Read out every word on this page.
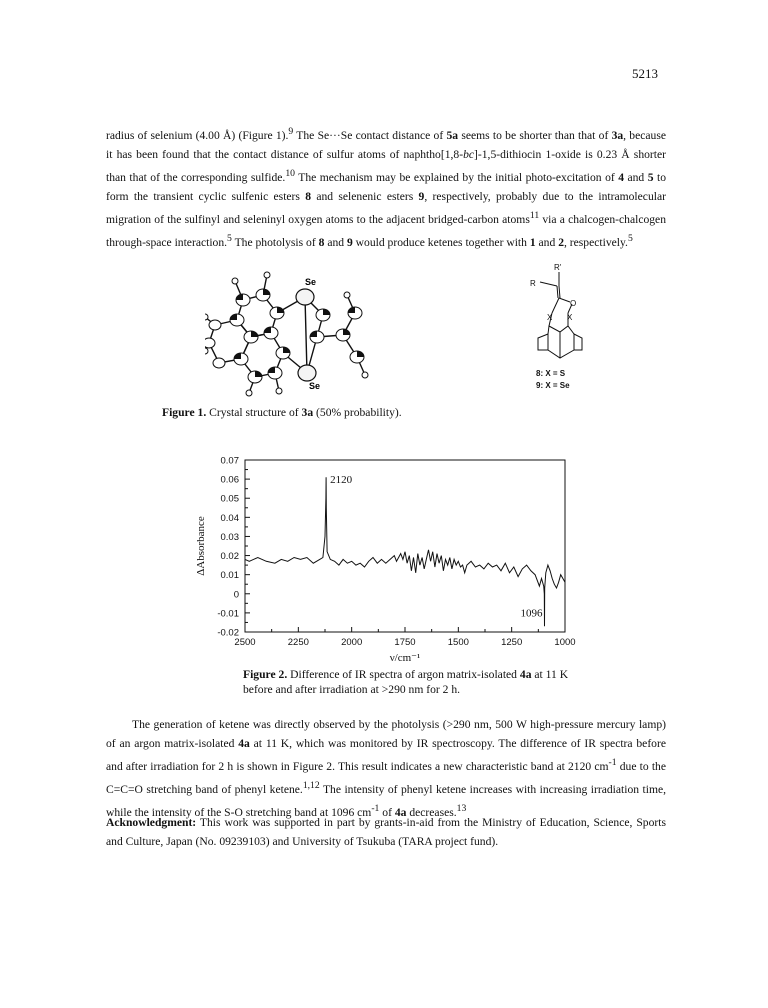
5213

radius of selenium (4.00 Å) (Figure 1).$^9$ The Se···Se contact distance of 5a seems to be shorter than that of 3a, because it has been found that the contact distance of sulfur atoms of naphtho[1,8-bc]-1,5-dithiocin 1-oxide is 0.23 Å shorter than that of the corresponding sulfide.$^{10}$ The mechanism may be explained by the initial photo-excitation of 4 and 5 to form the transient cyclic sulfenic esters 8 and selenenic esters 9, respectively, probably due to the intramolecular migration of the sulfinyl and seleninyl oxygen atoms to the adjacent bridged-carbon atoms$^{11}$ via a chalcogen-chalcogen through-space interaction.$^5$ The photolysis of 8 and 9 would produce ketenes together with 1 and 2, respectively.$^5$

Se
Se
R'
R
O
X X
8: X = S
9: X = Se

Figure 1. Crystal structure of 3a (50% probability).

0.07
0.06
0.05
0.04
0.03
0.02
0.01
0
-0.01
-0.02
2500	2250	2000	1750	1500	1250	1000
2120
1096
ΔAbsorbance
ν/cm⁻¹

Figure 2. Difference of IR spectra of argon matrix-isolated 4a at 11 K before and after irradiation at >290 nm for 2 h.

The generation of ketene was directly observed by the photolysis (>290 nm, 500 W high-pressure mercury lamp) of an argon matrix-isolated 4a at 11 K, which was monitored by IR spectroscopy. The difference of IR spectra before and after irradiation for 2 h is shown in Figure 2. This result indicates a new characteristic band at 2120 $cm^{-1}$ due to the C=C=O stretching band of phenyl ketene.$^{1,12}$ The intensity of phenyl ketene increases with increasing irradiation time, while the intensity of the S-O stretching band at 1096 $cm^{-1}$ of 4a decreases.$^{13}$

Acknowledgment: This work was supported in part by grants-in-aid from the Ministry of Education, Science, Sports and Culture, Japan (No. 09239103) and University of Tsukuba (TARA project fund).
